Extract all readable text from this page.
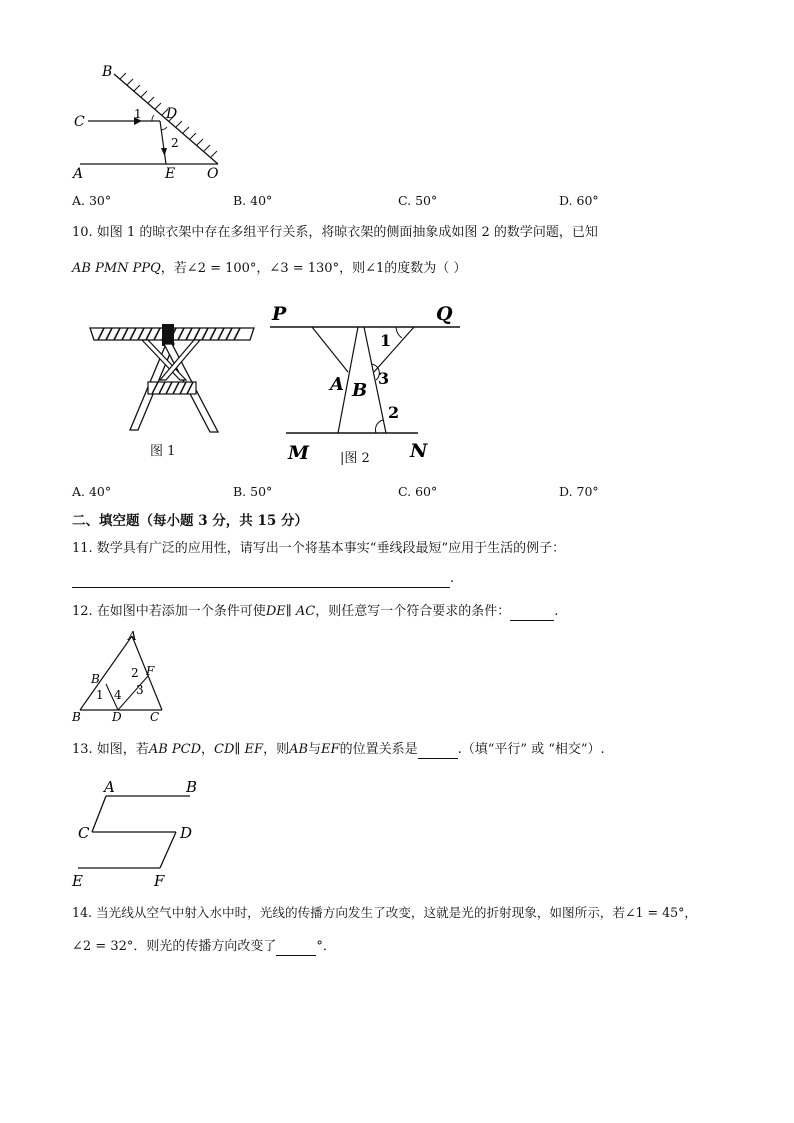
B
C	D
1
2
A	E O
A. 30°	B. 40°	C. 50°	D. 60°
10. 如图 1 的晾衣架中存在多组平行关系，将晾衣架的侧面抽象成如图 2 的数学问题，已知
AB PMN PPQ，若∠2 = 100°，∠3 = 130°，则∠1的度数为（ ）
图 1
P	Q
1
A B
3
2
M	N
|图 2
A. 40°	B. 50°	C. 60°	D. 70°
二、填空题（每小题 3 分，共 15 分）
11. 数学具有广泛的应用性，请写出一个将基本事实“垂线段最短”应用于生活的例子：
.
12. 在如图中若添加一个条件可使DE∥ AC，则任意写一个符合要求的条件：	.
A
B	2 F
1 4 3
B	D C
13. 如图，若AB PCD，CD∥ EF，则AB与EF的位置关系是	.（填“平行” 或 “相交”）.
A	B
C	D
E	F
14. 当光线从空气中射入水中时，光线的传播方向发生了改变，这就是光的折射现象，如图所示，若∠1 = 45°，
∠2 = 32°．则光的传播方向改变了	°．
